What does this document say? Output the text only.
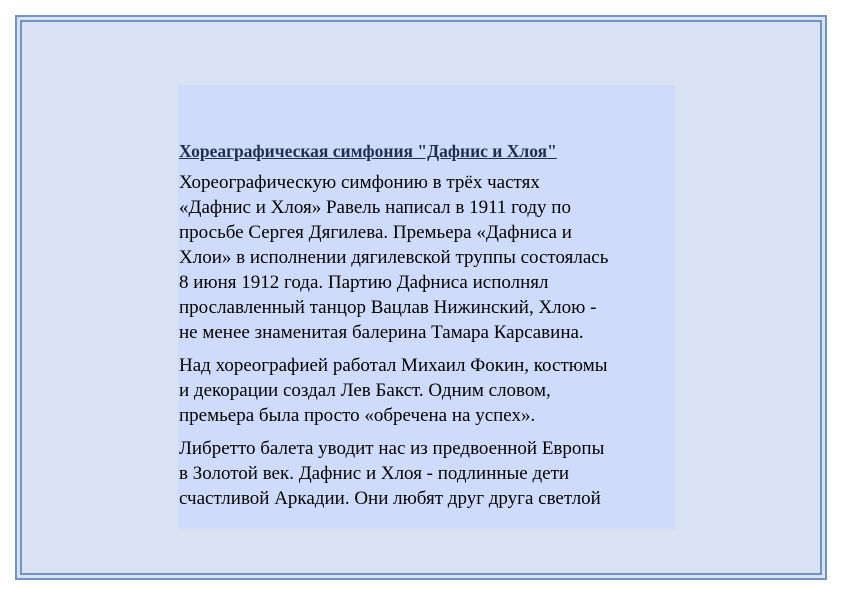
Хореаграфическая симфония "Дафнис и Хлоя"
Хореографическую симфонию в трёх частях
«Дафнис и Хлоя» Равель написал в 1911 году по
просьбе Сергея Дягилева. Премьера «Дафниса и
Хлои» в исполнении дягилевской труппы состоялась
8 июня 1912 года. Партию Дафниса исполнял
прославленный танцор Вацлав Нижинский, Хлою -
не менее знаменитая балерина Тамара Карсавина.
Над хореографией работал Михаил Фокин, костюмы
и декорации создал Лев Бакст. Одним словом,
премьера была просто «обречена на успех».
Либретто балета уводит нас из предвоенной Европы
в Золотой век. Дафнис и Хлоя - подлинные дети
счастливой Аркадии. Они любят друг друга светлой
